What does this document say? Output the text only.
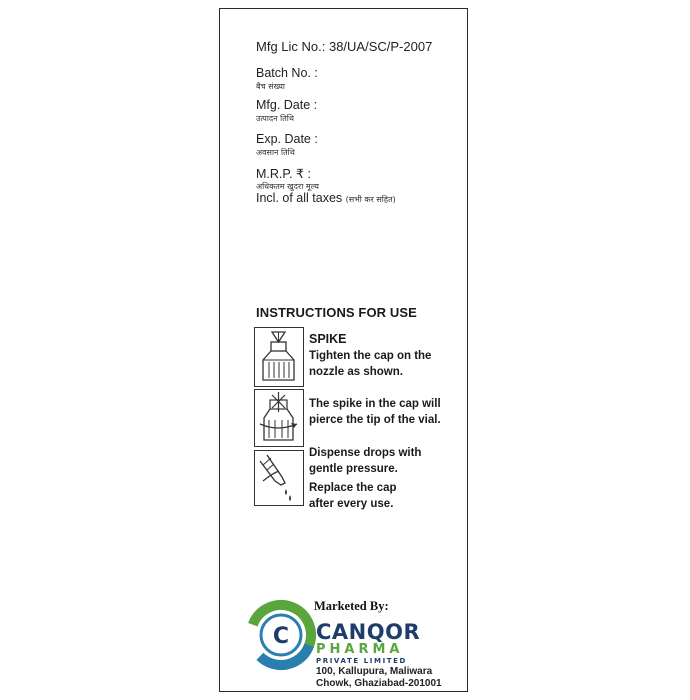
Mfg Lic No.: 38/UA/SC/P-2007
Batch No. :
बैच संख्या
Mfg. Date :
उत्पादन तिथि
Exp. Date :
अवसान तिथि
M.R.P. ₹ :
अधिकतम खुदरा मूल्य
Incl. of all taxes (सभी कर सहित)
INSTRUCTIONS FOR USE
SPIKE
Tighten the cap on the nozzle as shown.
The spike in the cap will pierce the tip of the vial.
Dispense drops with gentle pressure.
Replace the cap after every use.
Marketed By:
C CANQOR
PHARMA
PRIVATE LIMITED
100, Kallupura, Maliwara
Chowk, Ghaziabad-201001
